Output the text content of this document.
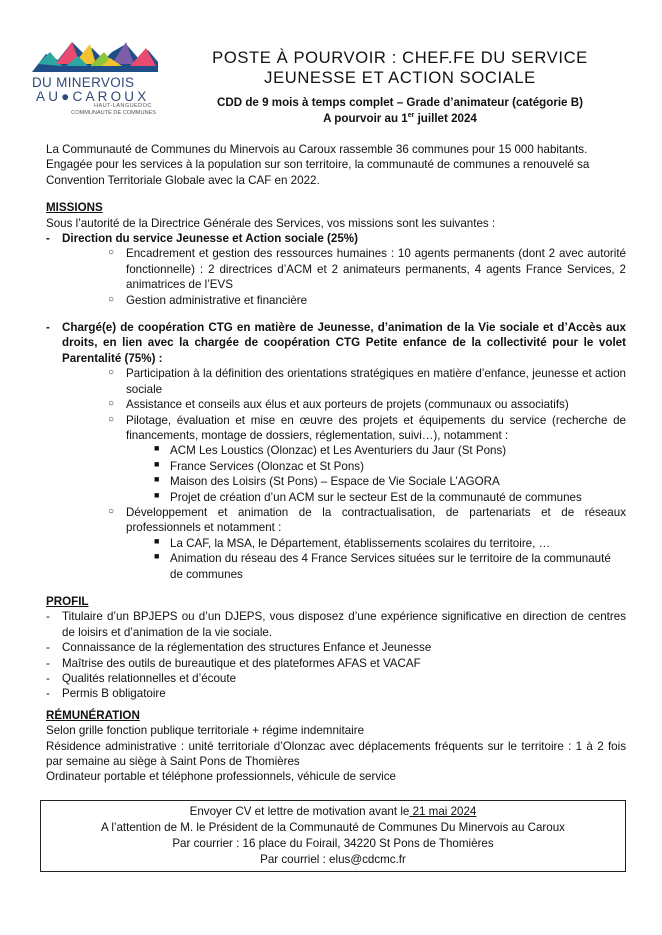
DU MINERVOIS
AU●CAROUX
HAUT-LANGUEDOC
COMMUNAUTÉ DE COMMUNES
POSTE À POURVOIR : CHEF.FE DU SERVICE
JEUNESSE ET ACTION SOCIALE
CDD de 9 mois à temps complet – Grade d’animateur (catégorie B)
A pourvoir au 1er juillet 2024

La Communauté de Communes du Minervois au Caroux rassemble 36 communes pour 15 000 habitants. Engagée pour les services à la population sur son territoire, la communauté de communes a renouvelé sa Convention Territoriale Globale avec la CAF en 2022.

MISSIONS

Sous l’autorité de la Directrice Générale des Services, vos missions sont les suivantes :

- Direction du service Jeunesse et Action sociale (25%)
○ Encadrement et gestion des ressources humaines : 10 agents permanents (dont 2 avec autorité fonctionnelle) : 2 directrices d’ACM et 2 animateurs permanents, 4 agents France Services, 2 animatrices de l’EVS
○ Gestion administrative et financière
- Chargé(e) de coopération CTG en matière de Jeunesse, d’animation de la Vie sociale et d’Accès aux droits, en lien avec la chargée de coopération CTG Petite enfance de la collectivité pour le volet Parentalité (75%) :
○ Participation à la définition des orientations stratégiques en matière d’enfance, jeunesse et action sociale
○ Assistance et conseils aux élus et aux porteurs de projets (communaux ou associatifs)
○ Pilotage, évaluation et mise en œuvre des projets et équipements du service (recherche de financements, montage de dossiers, réglementation, suivi…), notamment :
■ ACM Les Loustics (Olonzac) et Les Aventuriers du Jaur (St Pons)
■ France Services (Olonzac et St Pons)
■ Maison des Loisirs (St Pons) – Espace de Vie Sociale L’AGORA
■ Projet de création d’un ACM sur le secteur Est de la communauté de communes
○ Développement et animation de la contractualisation, de partenariats et de réseaux professionnels et notamment :
■ La CAF, la MSA, le Département, établissements scolaires du territoire, …
■ Animation du réseau des 4 France Services situées sur le territoire de la communauté de communes

PROFIL

- Titulaire d’un BPJEPS ou d’un DJEPS, vous disposez d’une expérience significative en direction de centres de loisirs et d’animation de la vie sociale.
- Connaissance de la réglementation des structures Enfance et Jeunesse
- Maîtrise des outils de bureautique et des plateformes AFAS et VACAF
- Qualités relationnelles et d’écoute
- Permis B obligatoire

RÉMUNÉRATION

Selon grille fonction publique territoriale + régime indemnitaire

Résidence administrative : unité territoriale d’Olonzac avec déplacements fréquents sur le territoire : 1 à 2 fois par semaine au siège à Saint Pons de Thomières

Ordinateur portable et téléphone professionnels, véhicule de service

Envoyer CV et lettre de motivation avant le 21 mai 2024

A l’attention de M. le Président de la Communauté de Communes Du Minervois au Caroux

Par courrier : 16 place du Foirail, 34220 St Pons de Thomières

Par courriel : elus@cdcmc.fr
